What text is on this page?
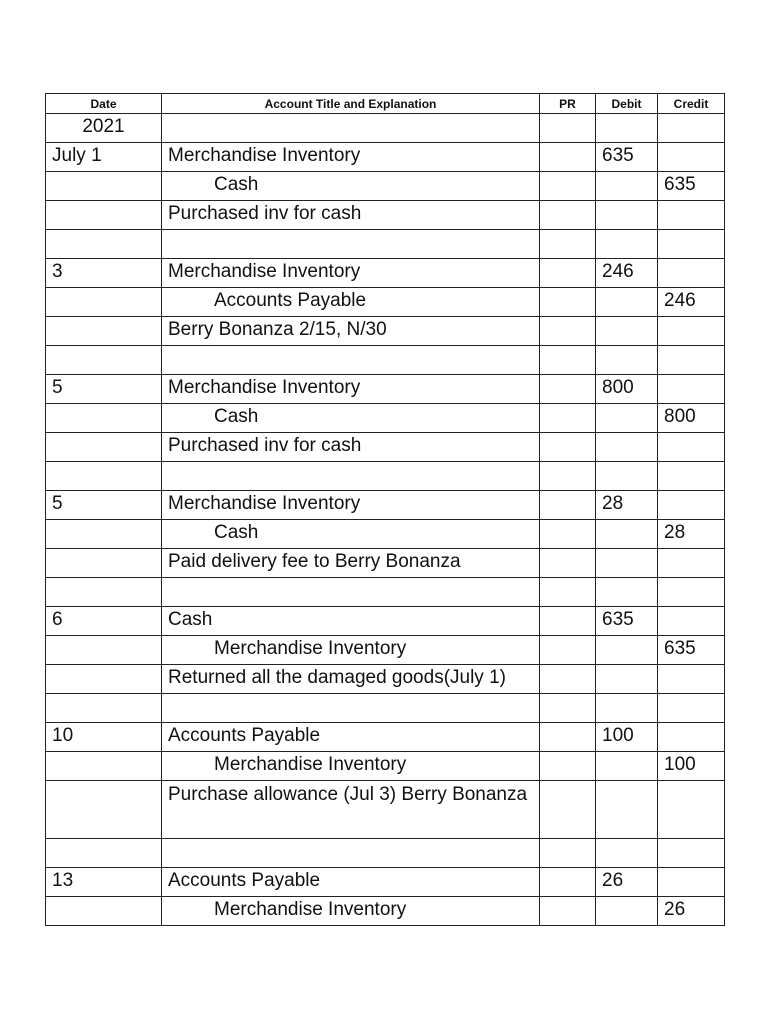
Date	Account Title and Explanation	PR	Debit	Credit
2021				
July 1	Merchandise Inventory		635	
	Cash			635
	Purchased inv for cash			

3	Merchandise Inventory		246	
	Accounts Payable			246
	Berry Bonanza 2/15, N/30			

5	Merchandise Inventory		800	
	Cash			800
	Purchased inv for cash			

5	Merchandise Inventory		28	
	Cash			28
	Paid delivery fee to Berry Bonanza			

6	Cash		635	
	Merchandise Inventory			635
	Returned all the damaged goods(July 1)			

10	Accounts Payable		100	
	Merchandise Inventory			100
	Purchase allowance (Jul 3) Berry Bonanza			

13	Accounts Payable		26	
	Merchandise Inventory			26
